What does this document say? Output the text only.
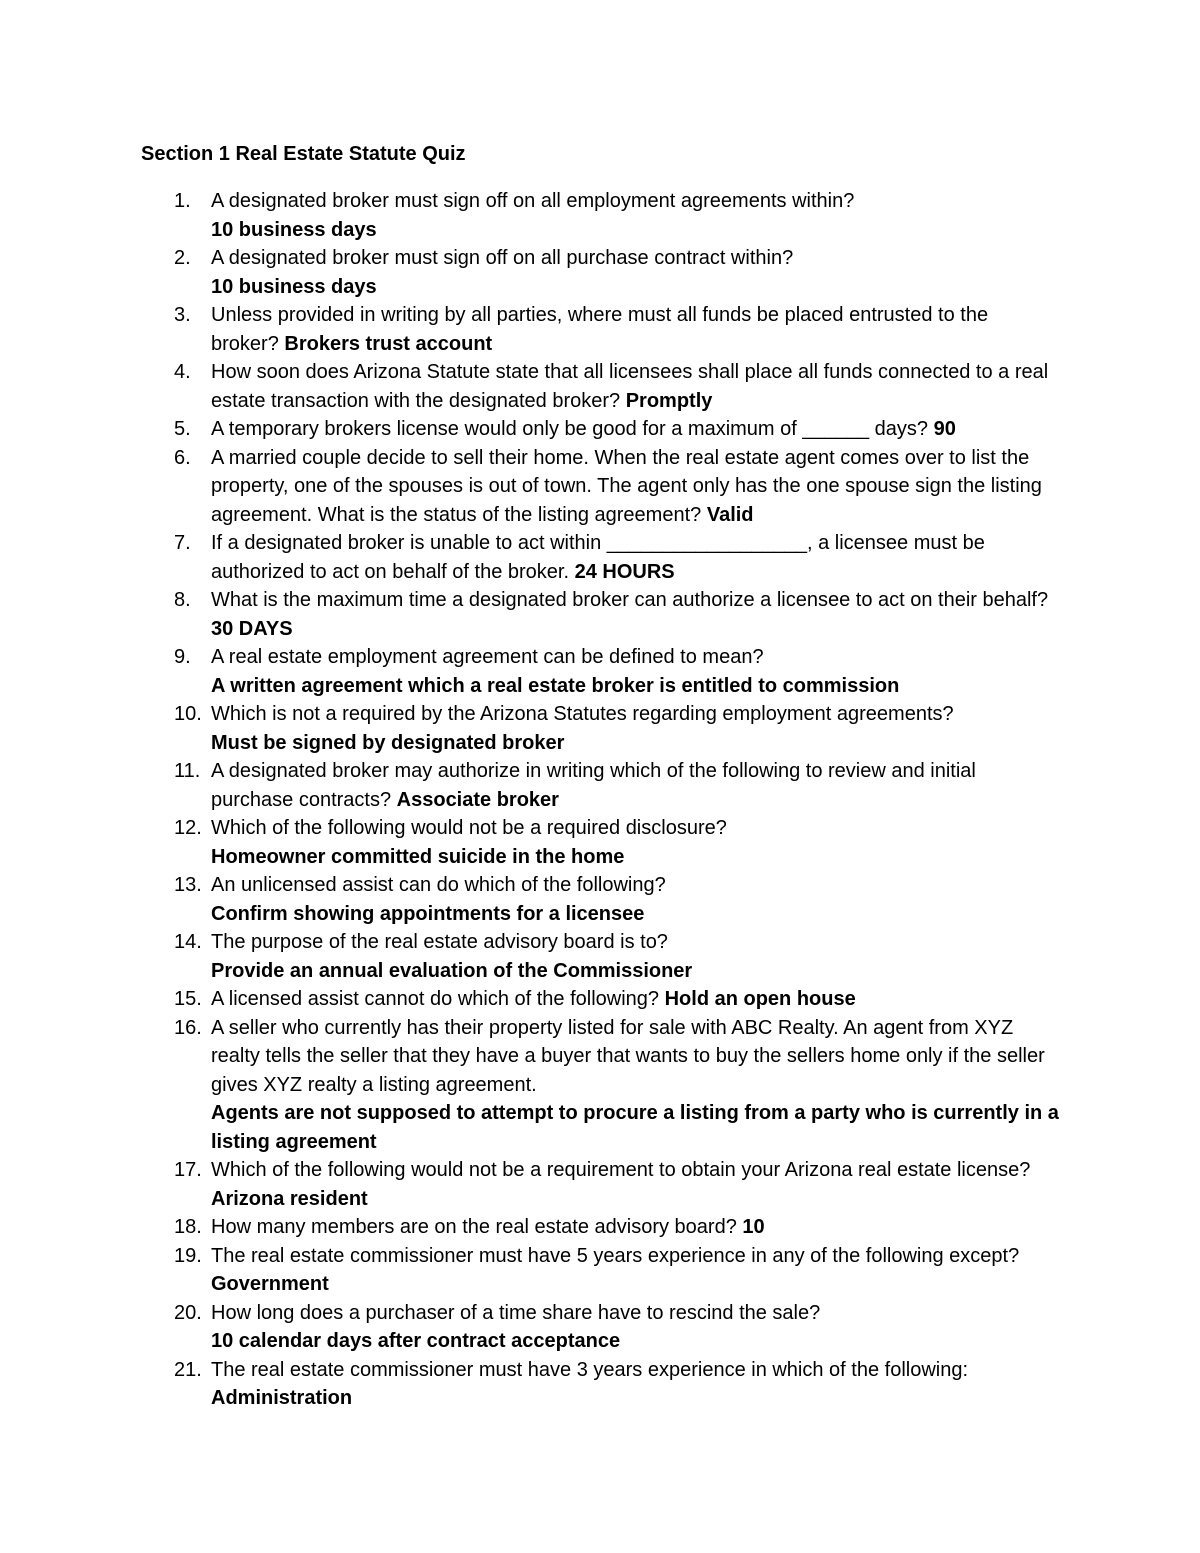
Section 1 Real Estate Statute Quiz
1.	A designated broker must sign off on all employment agreements within?
10 business days
2.	A designated broker must sign off on all purchase contract within?
10 business days
3.	Unless provided in writing by all parties, where must all funds be placed entrusted to the broker? Brokers trust account
4.	How soon does Arizona Statute state that all licensees shall place all funds connected to a real estate transaction with the designated broker? Promptly
5.	A temporary brokers license would only be good for a maximum of ______ days? 90
6.	A married couple decide to sell their home. When the real estate agent comes over to list the property, one of the spouses is out of town. The agent only has the one spouse sign the listing agreement. What is the status of the listing agreement? Valid
7.	If a designated broker is unable to act within __________________, a licensee must be authorized to act on behalf of the broker. 24 HOURS
8.	What is the maximum time a designated broker can authorize a licensee to act on their behalf? 30 DAYS
9.	A real estate employment agreement can be defined to mean?
A written agreement which a real estate broker is entitled to commission
10. Which is not a required by the Arizona Statutes regarding employment agreements?
Must be signed by designated broker
11. A designated broker may authorize in writing which of the following to review and initial purchase contracts? Associate broker
12. Which of the following would not be a required disclosure?
Homeowner committed suicide in the home
13. An unlicensed assist can do which of the following?
Confirm showing appointments for a licensee
14. The purpose of the real estate advisory board is to?
Provide an annual evaluation of the Commissioner
15. A licensed assist cannot do which of the following? Hold an open house
16. A seller who currently has their property listed for sale with ABC Realty. An agent from XYZ realty tells the seller that they have a buyer that wants to buy the sellers home only if the seller gives XYZ realty a listing agreement.
Agents are not supposed to attempt to procure a listing from a party who is currently in a listing agreement
17. Which of the following would not be a requirement to obtain your Arizona real estate license? Arizona resident
18. How many members are on the real estate advisory board? 10
19. The real estate commissioner must have 5 years experience in any of the following except? Government
20. How long does a purchaser of a time share have to rescind the sale?
10 calendar days after contract acceptance
21. The real estate commissioner must have 3 years experience in which of the following:
Administration
